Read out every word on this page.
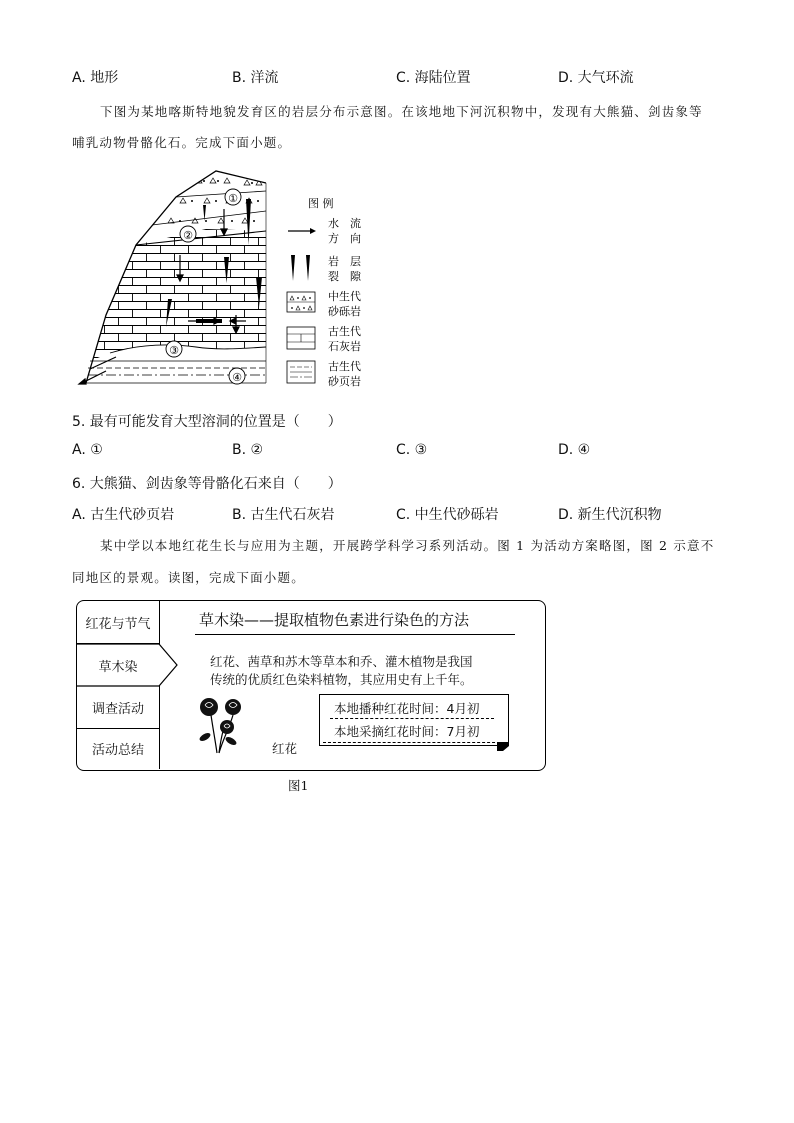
A. 地形	B. 洋流	C. 海陆位置	D. 大气环流
下图为某地喀斯特地貌发育区的岩层分布示意图。在该地地下河沉积物中，发现有大熊猫、剑齿象等
哺乳动物骨骼化石。完成下面小题。
①
②
③
④
图 例
水　流
方　向
岩　层
裂　隙
中生代
砂砾岩
古生代
石灰岩
古生代
砂页岩
5. 最有可能发育大型溶洞的位置是（　　）
A. ①	B. ②	C. ③	D. ④
6. 大熊猫、剑齿象等骨骼化石来自（　　）
A. 古生代砂页岩	B. 古生代石灰岩	C. 中生代砂砾岩	D. 新生代沉积物
某中学以本地红花生长与应用为主题，开展跨学科学习系列活动。图 1 为活动方案略图，图 2 示意不
同地区的景观。读图，完成下面小题。
红花与节气
调查活动
活动总结
草木染
草木染——提取植物色素进行染色的方法
红花、茜草和苏木等草本和乔、灌木植物是我国
传统的优质红色染料植物，其应用史有上千年。
红花
本地播种红花时间：4月初
本地采摘红花时间：7月初
图1
